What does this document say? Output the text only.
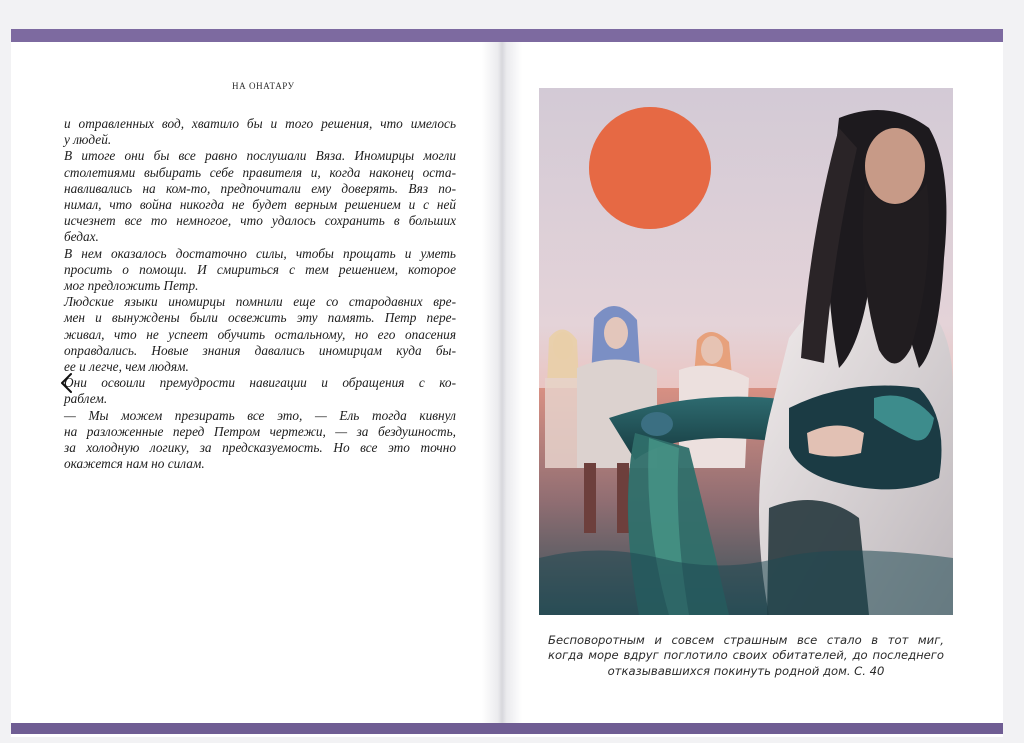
НА ОНАТАРУ
и отравленных вод, хватило бы и того решения, что имелось
у людей.
В итоге они бы все равно послушали Вяза. Иномирцы могли
столетиями выбирать себе правителя и, когда наконец оста-
навливались на ком-то, предпочитали ему доверять. Вяз по-
нимал, что война никогда не будет верным решением и с ней
исчезнет все то немногое, что удалось сохранить в больших
бедах.
В нем оказалось достаточно силы, чтобы прощать и уметь
просить о помощи. И смириться с тем решением, которое
мог предложить Петр.
Людские языки иномирцы помнили еще со стародавних вре-
мен и вынуждены были освежить эту память. Петр пере-
живал, что не успеет обучить остальному, но его опасения
оправдались. Новые знания давались иномирцам куда бы-
ее и легче, чем людям.
Они освоили премудрости навигации и обращения с ко-
раблем.
— Мы можем презирать все это, — Ель тогда кивнул
на разложенные перед Петром чертежи, — за бездушность,
за холодную логику, за предсказуемость. Но все это точно
окажется нам но силам.
Бесповоротным и совсем страшным все стало в тот миг,
когда море вдруг поглотило своих обитателей, до последнего
отказывавшихся покинуть родной дом. С. 40
